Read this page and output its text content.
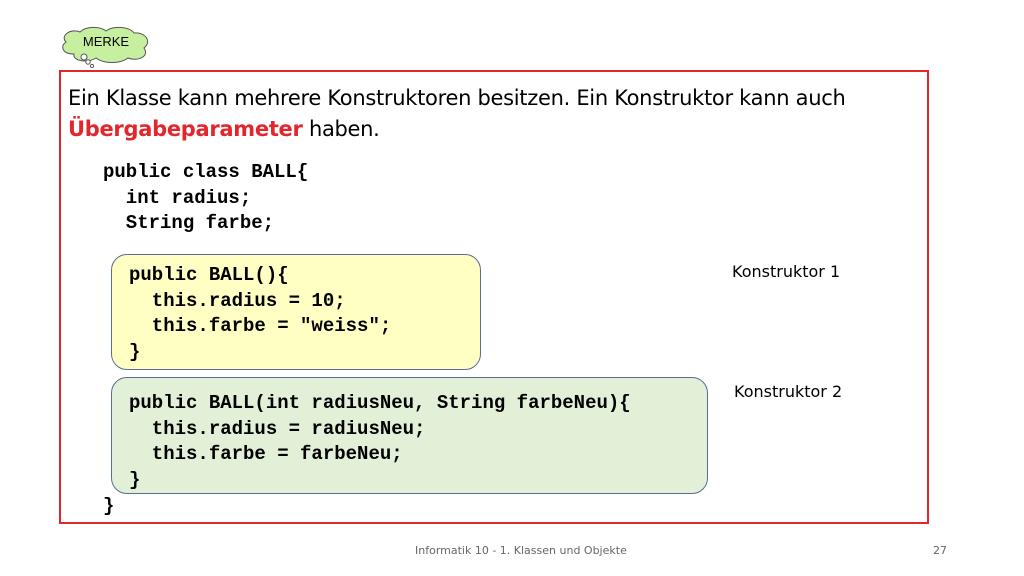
MERKE
Ein Klasse kann mehrere Konstruktoren besitzen. Ein Konstruktor kann auch
Übergabeparameter haben.
public class BALL{
int radius;
String farbe;
public BALL(){
this.radius = 10;
this.farbe = "weiss";
}
public BALL(int radiusNeu, String farbeNeu){
this.radius = radiusNeu;
this.farbe = farbeNeu;
}
}
Konstruktor 1
Konstruktor 2
Informatik 10 - 1. Klassen und Objekte	27
